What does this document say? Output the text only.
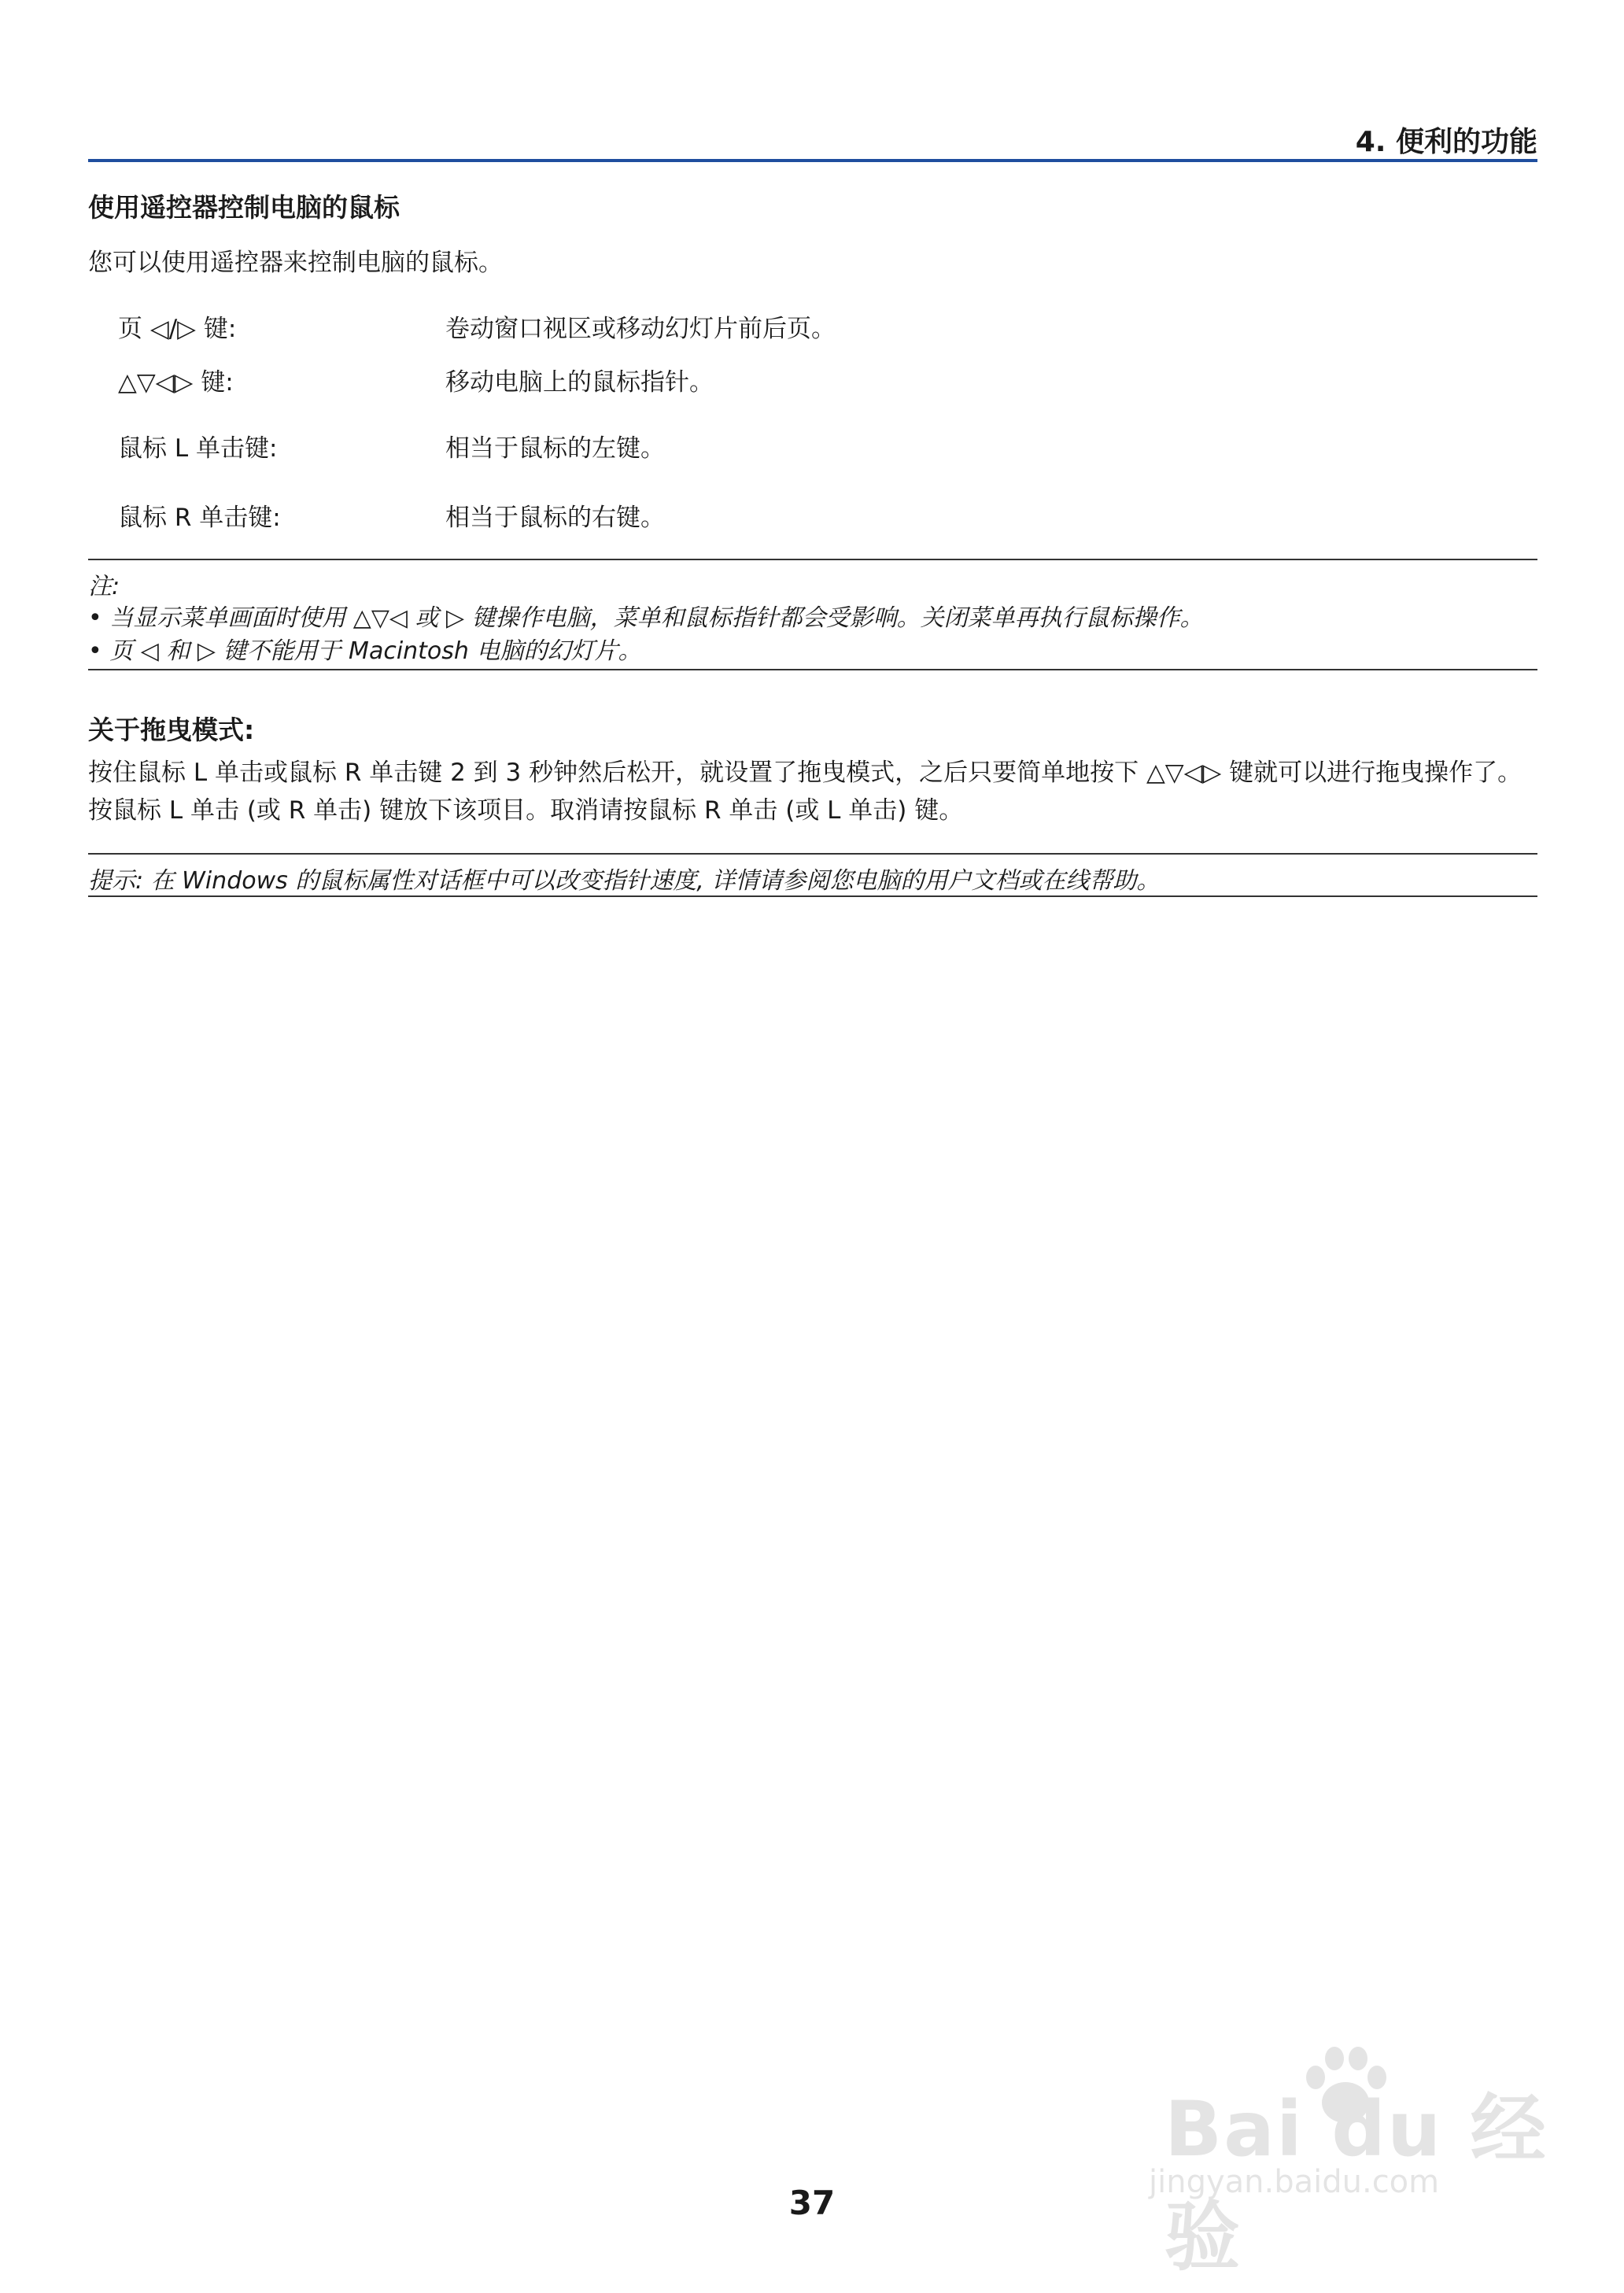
4. 便利的功能
使用遥控器控制电脑的鼠标
您可以使用遥控器来控制电脑的鼠标。
页 ◁/▷ 键:	卷动窗口视区或移动幻灯片前后页。
△▽◁▷ 键:	移动电脑上的鼠标指针。
鼠标 L 单击键:	相当于鼠标的左键。
鼠标 R 单击键:	相当于鼠标的右键。
注:
• 当显示菜单画面时使用 △▽◁ 或 ▷ 键操作电脑，菜单和鼠标指针都会受影响。关闭菜单再执行鼠标操作。
• 页 ◁ 和 ▷ 键不能用于 Macintosh 电脑的幻灯片。
关于拖曳模式:
按住鼠标 L 单击或鼠标 R 单击键 2 到 3 秒钟然后松开，就设置了拖曳模式，之后只要简单地按下 △▽◁▷ 键就可以进行拖曳操作了。按鼠标 L 单击 (或 R 单击) 键放下该项目。取消请按鼠标 R 单击 (或 L 单击) 键。
提示: 在 Windows 的鼠标属性对话框中可以改变指针速度, 详情请参阅您电脑的用户文档或在线帮助。
Bai du 经验
jingyan.baidu.com
37
